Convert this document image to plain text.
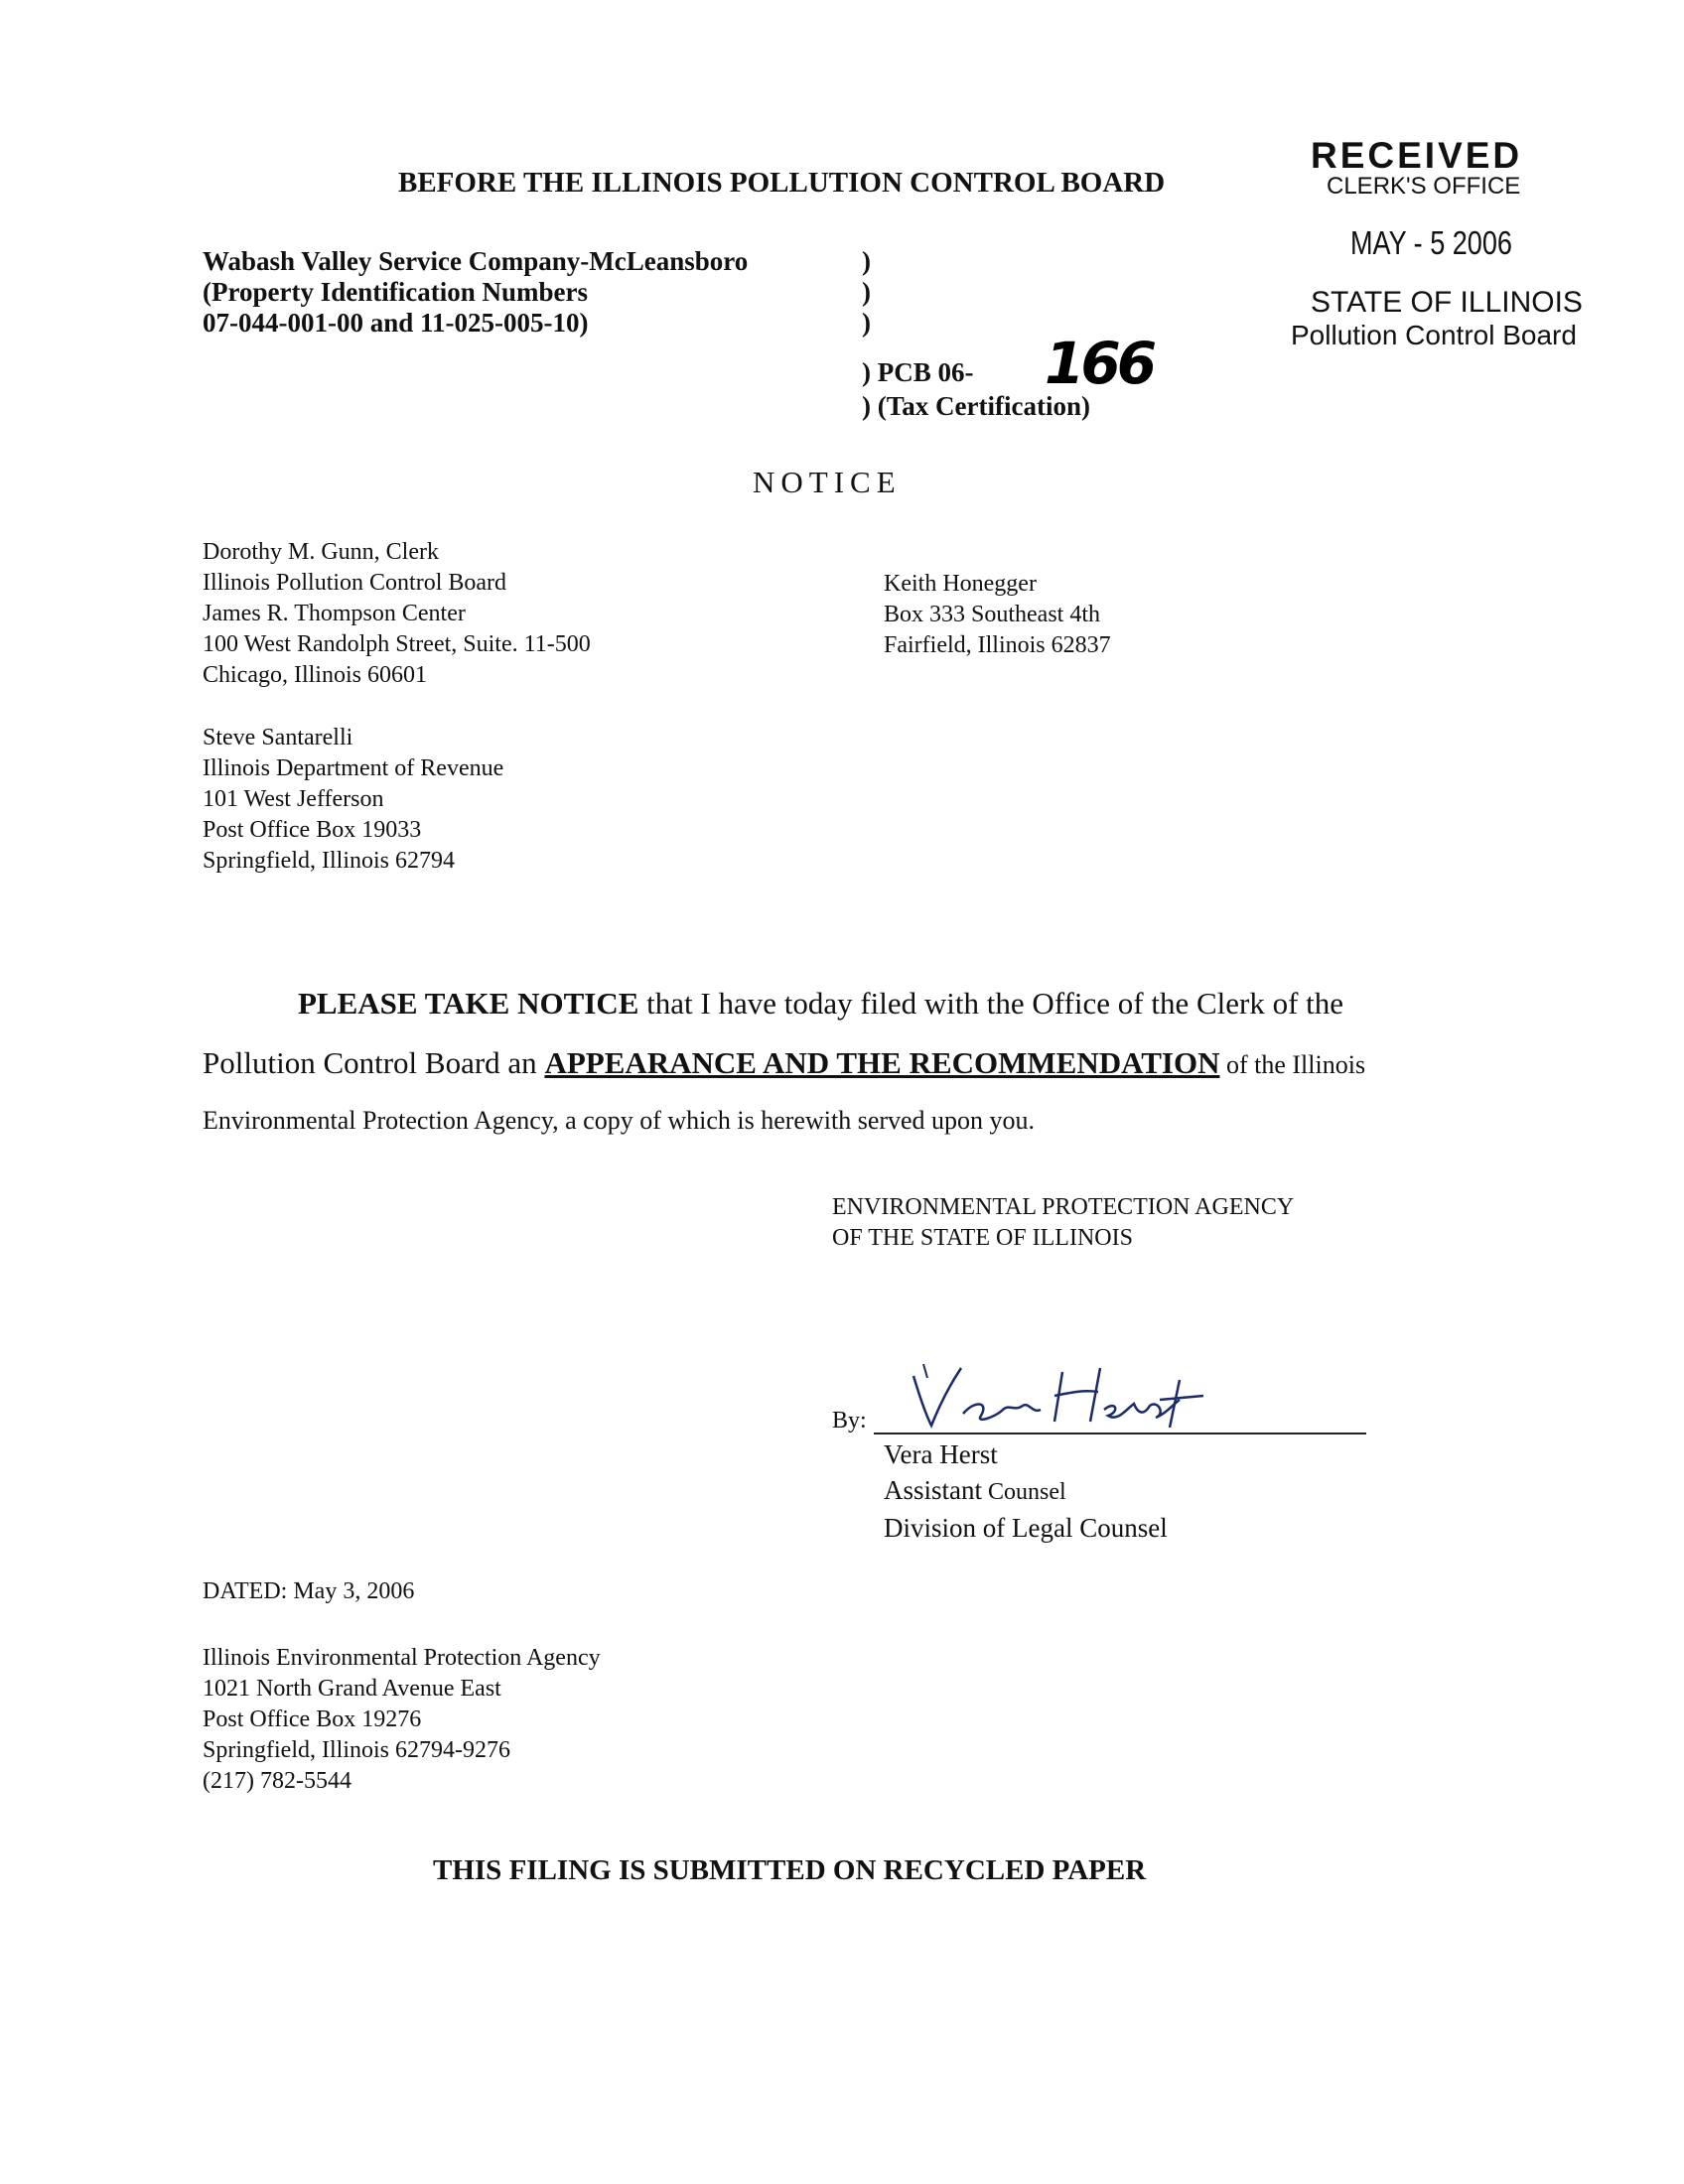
BEFORE THE ILLINOIS POLLUTION CONTROL BOARD
RECEIVED
CLERK'S OFFICE
MAY - 5 2006
STATE OF ILLINOIS
Pollution Control Board
Wabash Valley Service Company-McLeansboro
(Property Identification Numbers
07-044-001-00 and 11-025-005-10)
)
)
)
) PCB 06- 166
) (Tax Certification)
NOTICE
Dorothy M. Gunn, Clerk
Illinois Pollution Control Board
James R. Thompson Center
100 West Randolph Street, Suite. 11-500
Chicago, Illinois 60601
Keith Honegger
Box 333 Southeast 4th
Fairfield, Illinois 62837
Steve Santarelli
Illinois Department of Revenue
101 West Jefferson
Post Office Box 19033
Springfield, Illinois 62794
PLEASE TAKE NOTICE that I have today filed with the Office of the Clerk of the
Pollution Control Board an APPEARANCE AND THE RECOMMENDATION of the Illinois
Environmental Protection Agency, a copy of which is herewith served upon you.
ENVIRONMENTAL PROTECTION AGENCY
OF THE STATE OF ILLINOIS
By:
Vera Herst
Assistant Counsel
Division of Legal Counsel
DATED: May 3, 2006
Illinois Environmental Protection Agency
1021 North Grand Avenue East
Post Office Box 19276
Springfield, Illinois 62794-9276
(217) 782-5544
THIS FILING IS SUBMITTED ON RECYCLED PAPER
